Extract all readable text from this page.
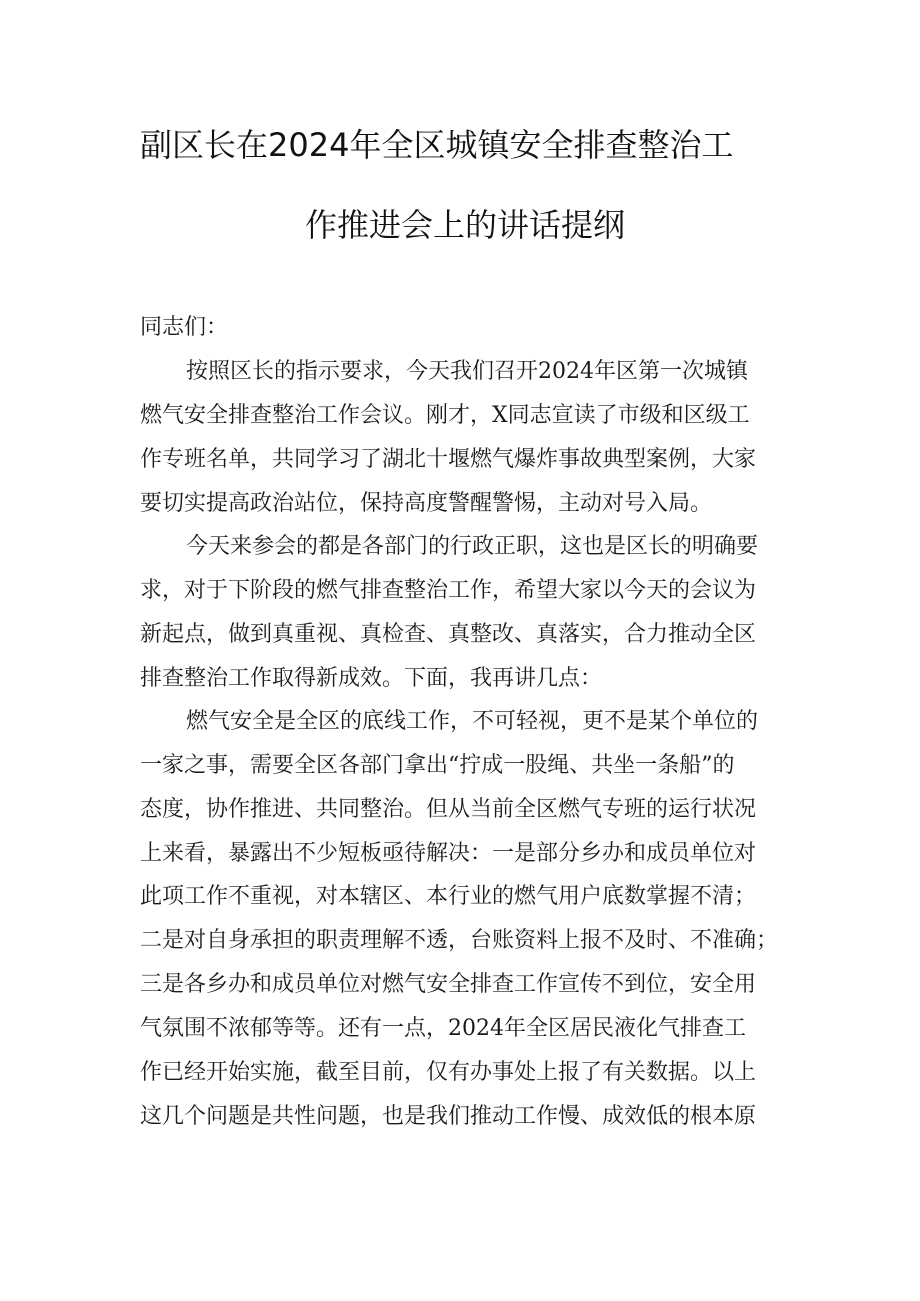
副区长在2024年全区城镇安全排查整治工
作推进会上的讲话提纲
同志们：
按照区长的指示要求，今天我们召开2024年区第一次城镇
燃气安全排查整治工作会议。刚才，X同志宣读了市级和区级工
作专班名单，共同学习了湖北十堰燃气爆炸事故典型案例，大家
要切实提高政治站位，保持高度警醒警惕，主动对号入局。
今天来参会的都是各部门的行政正职，这也是区长的明确要
求，对于下阶段的燃气排查整治工作，希望大家以今天的会议为
新起点，做到真重视、真检查、真整改、真落实，合力推动全区
排查整治工作取得新成效。下面，我再讲几点：
燃气安全是全区的底线工作，不可轻视，更不是某个单位的
一家之事，需要全区各部门拿出“拧成一股绳、共坐一条船”的
态度，协作推进、共同整治。但从当前全区燃气专班的运行状况
上来看，暴露出不少短板亟待解决：一是部分乡办和成员单位对
此项工作不重视，对本辖区、本行业的燃气用户底数掌握不清；
二是对自身承担的职责理解不透，台账资料上报不及时、不准确；
三是各乡办和成员单位对燃气安全排查工作宣传不到位，安全用
气氛围不浓郁等等。还有一点，2024年全区居民液化气排查工
作已经开始实施，截至目前，仅有办事处上报了有关数据。以上
这几个问题是共性问题，也是我们推动工作慢、成效低的根本原
